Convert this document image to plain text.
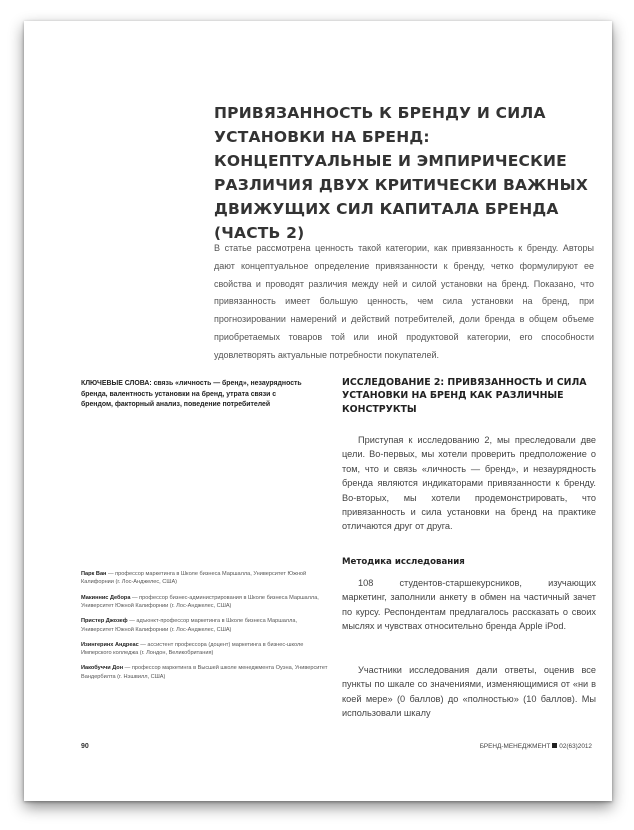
ПРИВЯЗАННОСТЬ К БРЕНДУ И СИЛА УСТАНОВКИ НА БРЕНД: КОНЦЕПТУАЛЬНЫЕ И ЭМПИРИЧЕСКИЕ РАЗЛИЧИЯ ДВУХ КРИТИЧЕСКИ ВАЖНЫХ ДВИЖУЩИХ СИЛ КАПИТАЛА БРЕНДА (ЧАСТЬ 2)

В статье рассмотрена ценность такой категории, как привязанность к бренду. Авторы дают концептуальное определение привязанности к бренду, четко формулируют ее свойства и проводят различия между ней и силой установки на бренд. Показано, что привязанность имеет большую ценность, чем сила установки на бренд, при прогнозировании намерений и действий потребителей, доли бренда в общем объеме приобретаемых товаров той или иной продуктовой категории, его способности удовлетворять актуальные потребности покупателей.

КЛЮЧЕВЫЕ СЛОВА: связь «личность — бренд», незаурядность бренда, валентность установки на бренд, утрата связи с брендом, факторный анализ, поведение потребителей

ИССЛЕДОВАНИЕ 2: ПРИВЯЗАННОСТЬ И СИЛА УСТАНОВКИ НА БРЕНД КАК РАЗЛИЧНЫЕ КОНСТРУКТЫ

Приступая к исследованию 2, мы преследовали две цели. Во-первых, мы хотели проверить предположение о том, что и связь «личность — бренд», и незаурядность бренда являются индикаторами привязанности к бренду. Во-вторых, мы хотели продемонстрировать, что привязанность и сила установки на бренд на практике отличаются друг от друга.

Методика исследования

108 студентов-старшекурсников, изучающих маркетинг, заполнили анкету в обмен на частичный зачет по курсу. Респондентам предлагалось рассказать о своих мыслях и чувствах относительно бренда Apple iPod.

Участники исследования дали ответы, оценив все пункты по шкале со значениями, изменяющимися от «ни в коей мере» (0 баллов) до «полностью» (10 баллов). Мы использовали шкалу

Парк Ван — профессор маркетинга в Школе бизнеса Маршалла, Университет Южной Калифорнии (г. Лос-Анджелес, США)

Макиннис Дебора — профессор бизнес-администрирования в Школе бизнеса Маршалла, Университет Южной Калифорнии (г. Лос-Анджелес, США)

Пристер Джозеф — адъюнкт-профессор маркетинга в Школе бизнеса Маршалла, Университет Южной Калифорнии (г. Лос-Анджелес, США)

Изингеринх Андреас — ассистент профессора (доцент) маркетинга в бизнес-школе Имперского колледжа (г. Лондон, Великобритания)

Иакобуччи Дон — профессор маркетинга в Высшей школе менеджмента Оуэна, Университет Вандербилта (г. Нэшвилл, США)

90	БРЕНД-МЕНЕДЖМЕНТ 02(63)2012
